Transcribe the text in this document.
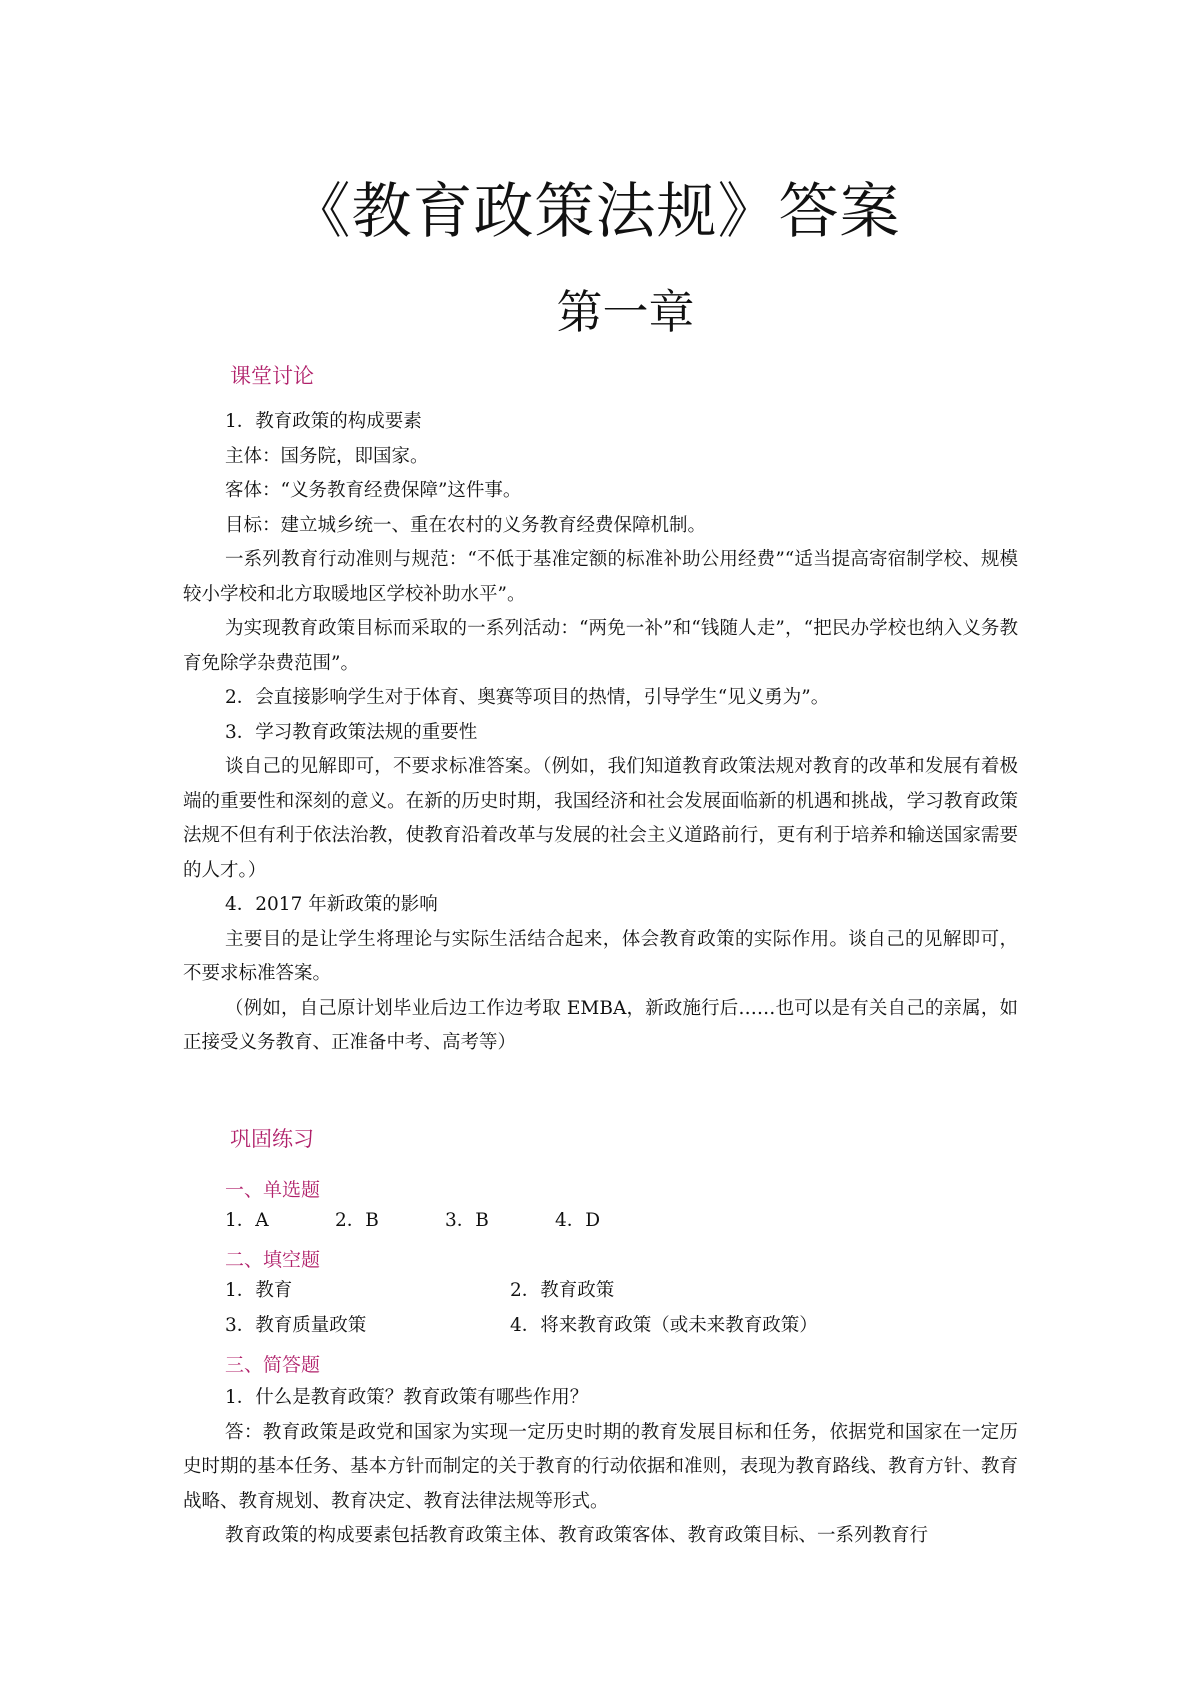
《教育政策法规》答案
第一章
课堂讨论

1．教育政策的构成要素

主体：国务院，即国家。

客体：“义务教育经费保障”这件事。

目标：建立城乡统一、重在农村的义务教育经费保障机制。

一系列教育行动准则与规范：“不低于基准定额的标准补助公用经费”“适当提高寄宿制学校、规模较小学校和北方取暖地区学校补助水平”。

为实现教育政策目标而采取的一系列活动：“两免一补”和“钱随人走”，“把民办学校也纳入义务教育免除学杂费范围”。

2．会直接影响学生对于体育、奥赛等项目的热情，引导学生“见义勇为”。

3．学习教育政策法规的重要性

谈自己的见解即可，不要求标准答案。（例如，我们知道教育政策法规对教育的改革和发展有着极端的重要性和深刻的意义。在新的历史时期，我国经济和社会发展面临新的机遇和挑战，学习教育政策法规不但有利于依法治教，使教育沿着改革与发展的社会主义道路前行，更有利于培养和输送国家需要的人才。）

4．2017 年新政策的影响

主要目的是让学生将理论与实际生活结合起来，体会教育政策的实际作用。谈自己的见解即可，不要求标准答案。

（例如，自己原计划毕业后边工作边考取 EMBA，新政施行后……也可以是有关自己的亲属，如正接受义务教育、正准备中考、高考等）

巩固练习
一、单选题
1．A	2．B	3．B	4．D
二、填空题
1．教育	2．教育政策
3．教育质量政策	4．将来教育政策（或未来教育政策）
三、简答题

1．什么是教育政策？教育政策有哪些作用？

答：教育政策是政党和国家为实现一定历史时期的教育发展目标和任务，依据党和国家在一定历史时期的基本任务、基本方针而制定的关于教育的行动依据和准则，表现为教育路线、教育方针、教育战略、教育规划、教育决定、教育法律法规等形式。

教育政策的构成要素包括教育政策主体、教育政策客体、教育政策目标、一系列教育行
